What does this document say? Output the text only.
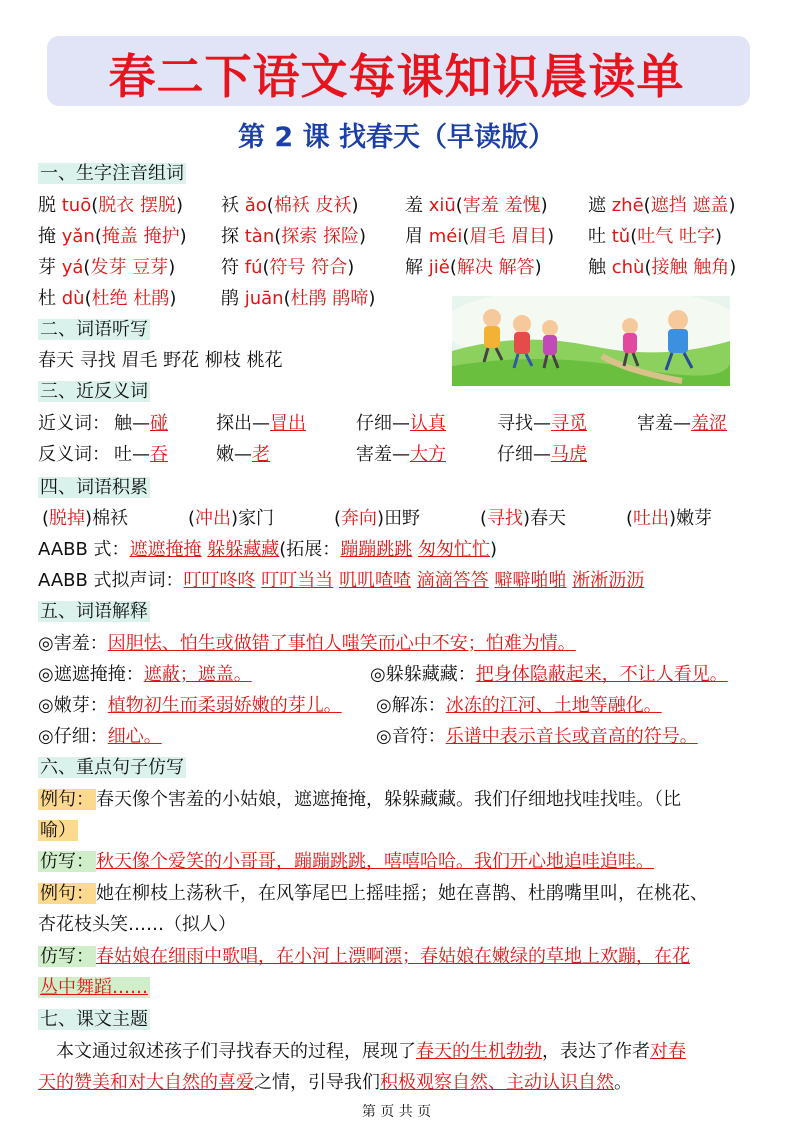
春二下语文每课知识晨读单
第 2 课 找春天（早读版）
一、生字注音组词
脱 tuō(脱衣 摆脱) 袄 ǎo(棉袄 皮袄)	羞 xiū(害羞 羞愧) 遮 zhē(遮挡 遮盖)
掩 yǎn(掩盖 掩护) 探 tàn(探索 探险) 眉 méi(眉毛 眉目) 吐 tǔ(吐气 吐字)
芽 yá(发芽 豆芽)	符 fú(符号 符合)	解 jiě(解决 解答)	触 chù(接触 触角)
杜 dù(杜绝 杜鹃) 鹃 juān(杜鹃 鹃啼)
二、词语听写
春天 寻找 眉毛 野花 柳枝 桃花
三、近反义词
近义词： 触—碰	探出—冒出	仔细—认真	寻找—寻觅	害羞—羞涩
反义词： 吐—吞	嫩—老	害羞—大方	仔细—马虎
四、词语积累
(脱掉)棉袄	(冲出)家门	(奔向)田野	(寻找)春天	(吐出)嫩芽
AABB 式：遮遮掩掩 躲躲藏藏(拓展：蹦蹦跳跳 匆匆忙忙)
AABB 式拟声词：叮叮咚咚 叮叮当当 叽叽喳喳 滴滴答答 噼噼啪啪 淅淅沥沥
五、词语解释
◎害羞：因胆怯、怕生或做错了事怕人嗤笑而心中不安；怕难为情。
◎遮遮掩掩：遮蔽；遮盖。	◎躲躲藏藏：把身体隐蔽起来，不让人看见。
◎嫩芽：植物初生而柔弱娇嫩的芽儿。 ◎解冻：冰冻的江河、土地等融化。
◎仔细：细心。	◎音符：乐谱中表示音长或音高的符号。
六、重点句子仿写
例句： 春天像个害羞的小姑娘，遮遮掩掩，躲躲藏藏。我们仔细地找哇找哇。（比
喻）
仿写： 秋天像个爱笑的小哥哥，蹦蹦跳跳，嘻嘻哈哈。我们开心地追哇追哇。
例句： 她在柳枝上荡秋千，在风筝尾巴上摇哇摇；她在喜鹊、杜鹃嘴里叫，在桃花、
杏花枝头笑……（拟人）
仿写： 春姑娘在细雨中歌唱，在小河上漂啊漂；春姑娘在嫩绿的草地上欢蹦，在花
丛中舞蹈……
七、课文主题
本文通过叙述孩子们寻找春天的过程，展现了春天的生机勃勃，表达了作者对春
天的赞美和对大自然的喜爱之情，引导我们积极观察自然、主动认识自然。
第 页 共 页
